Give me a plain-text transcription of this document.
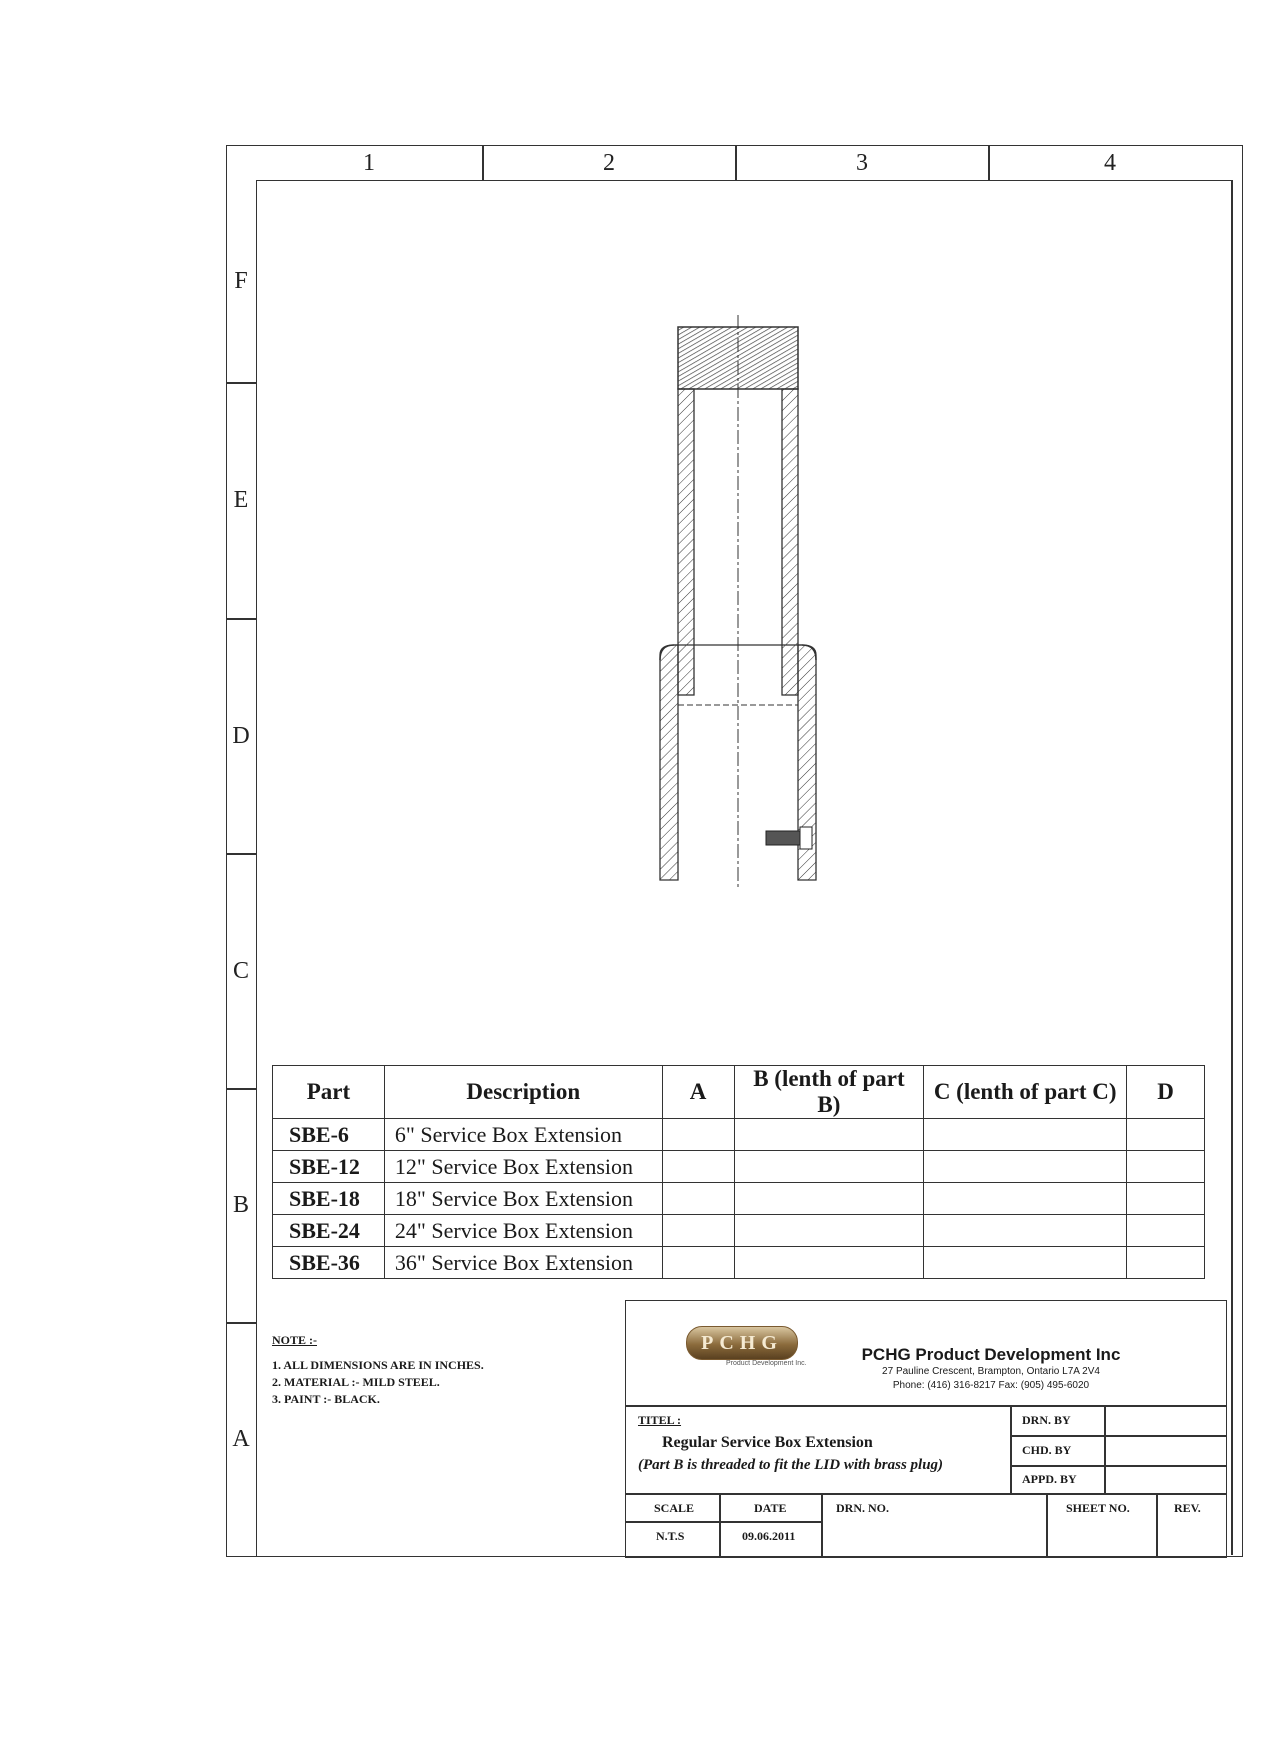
1	2	3	4
F
E
D
C
B
A
Part	Description	A	B (lenth of part B)	C (lenth of part C)	D
SBE-6	6" Service Box Extension				
SBE-12	12" Service Box Extension				
SBE-18	18" Service Box Extension				
SBE-24	24" Service Box Extension				
SBE-36	36" Service Box Extension				
NOTE :-
1. ALL DIMENSIONS ARE IN INCHES.
2. MATERIAL :- MILD STEEL.
3. PAINT :- BLACK.
PCHG
Product Development Inc.	PCHG Product Development Inc
27 Pauline Crescent, Brampton, Ontario L7A 2V4
Phone: (416) 316-8217 Fax: (905) 495-6020
TITEL :
Regular Service Box Extension
(Part B is threaded to fit the LID with brass plug)
DRN. BY
CHD. BY
APPD. BY
SCALE
N.T.S
DATE
09.06.2011
DRN. NO.	SHEET NO.	REV.
